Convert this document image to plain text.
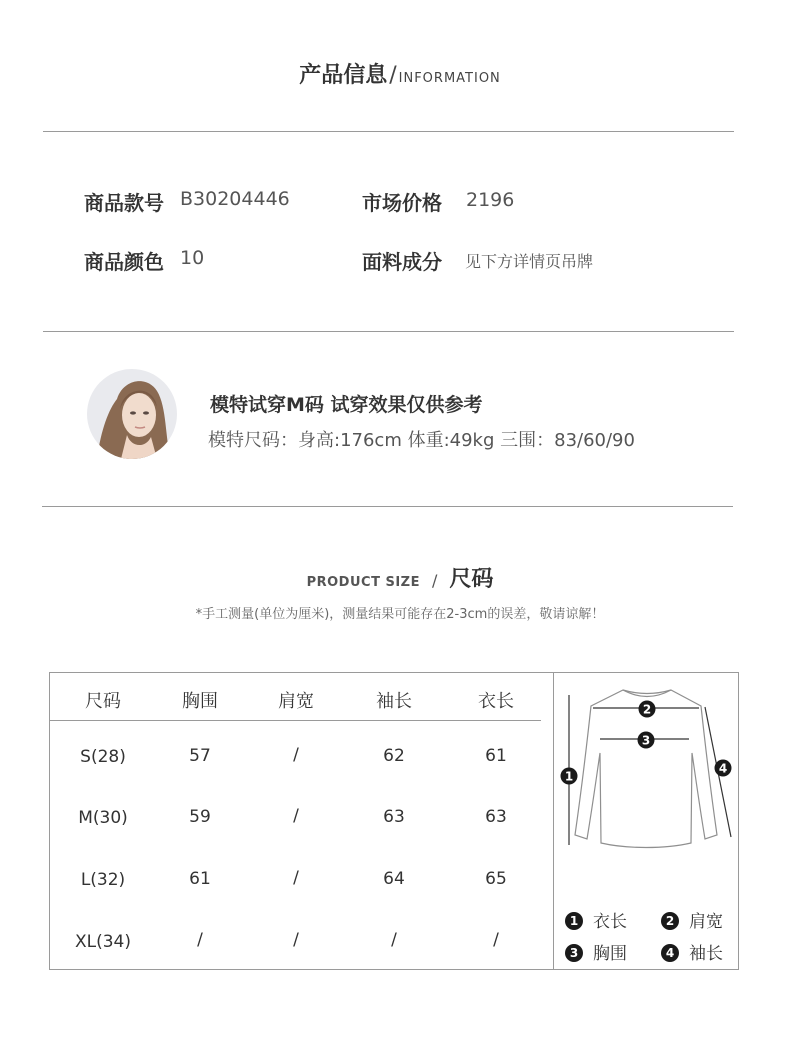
产品信息/ INFORMATION
商品款号 B30204446	市场价格 2196
商品颜色 10	面料成分 见下方详情页吊牌
模特试穿M码 试穿效果仅供参考
模特尺码：身高:176cm 体重:49kg 三围：83/60/90
PRODUCT SIZE / 尺码
*手工测量(单位为厘米)，测量结果可能存在2-3cm的误差，敬请谅解！
尺码	胸围	肩宽	袖长	衣长
S(28)	57	/	62	61
M(30)	59	/	63	63
L(32)	61	/	64	65
XL(34)	/	/	/	/
1
2
3
4
1 衣长	2 肩宽
3 胸围	4 袖长
